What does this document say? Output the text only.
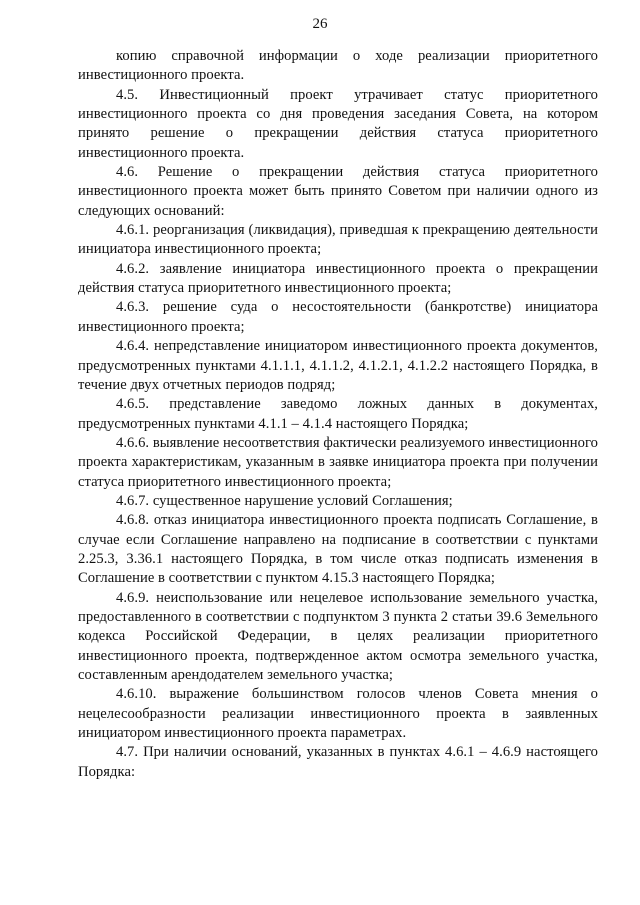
26

копию справочной информации о ходе реализации приоритетного инвестиционного проекта.

4.5. Инвестиционный проект утрачивает статус приоритетного инвестиционного проекта со дня проведения заседания Совета, на котором принято решение о прекращении действия статуса приоритетного инвестиционного проекта.

4.6. Решение о прекращении действия статуса приоритетного инвестиционного проекта может быть принято Советом при наличии одного из следующих оснований:

4.6.1. реорганизация (ликвидация), приведшая к прекращению деятельности инициатора инвестиционного проекта;

4.6.2. заявление инициатора инвестиционного проекта о прекращении действия статуса приоритетного инвестиционного проекта;

4.6.3. решение суда о несостоятельности (банкротстве) инициатора инвестиционного проекта;

4.6.4. непредставление инициатором инвестиционного проекта документов, предусмотренных пунктами 4.1.1.1, 4.1.1.2, 4.1.2.1, 4.1.2.2 настоящего Порядка, в течение двух отчетных периодов подряд;

4.6.5. представление заведомо ложных данных в документах, предусмотренных пунктами 4.1.1 – 4.1.4 настоящего Порядка;

4.6.6. выявление несоответствия фактически реализуемого инвестиционного проекта характеристикам, указанным в заявке инициатора проекта при получении статуса приоритетного инвестиционного проекта;

4.6.7. существенное нарушение условий Соглашения;

4.6.8. отказ инициатора инвестиционного проекта подписать Соглашение, в случае если Соглашение направлено на подписание в соответствии с пунктами 2.25.3, 3.36.1 настоящего Порядка, в том числе отказ подписать изменения в Соглашение в соответствии с пунктом 4.15.3 настоящего Порядка;

4.6.9. неиспользование или нецелевое использование земельного участка, предоставленного в соответствии с подпунктом 3 пункта 2 статьи 39.6 Земельного кодекса Российской Федерации, в целях реализации приоритетного инвестиционного проекта, подтвержденное актом осмотра земельного участка, составленным арендодателем земельного участка;

4.6.10. выражение большинством голосов членов Совета мнения о нецелесообразности реализации инвестиционного проекта в заявленных инициатором инвестиционного проекта параметрах.

4.7. При наличии оснований, указанных в пунктах 4.6.1 – 4.6.9 настоящего Порядка:
